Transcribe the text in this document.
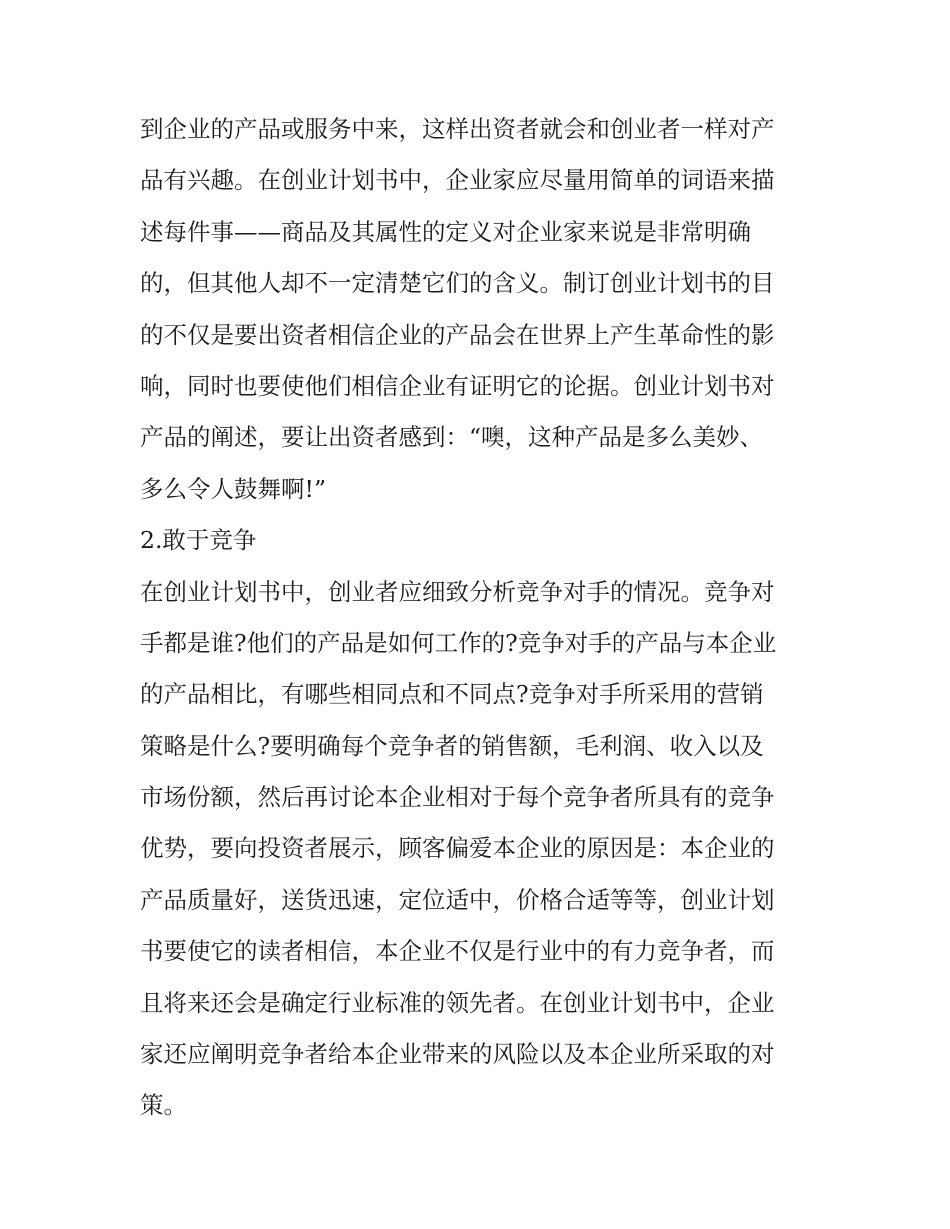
到企业的产品或服务中来，这样出资者就会和创业者一样对产
品有兴趣。在创业计划书中，企业家应尽量用简单的词语来描
述每件事——商品及其属性的定义对企业家来说是非常明确
的，但其他人却不一定清楚它们的含义。制订创业计划书的目
的不仅是要出资者相信企业的产品会在世界上产生革命性的影
响，同时也要使他们相信企业有证明它的论据。创业计划书对
产品的阐述，要让出资者感到：“噢，这种产品是多么美妙、
多么令人鼓舞啊!”
2.敢于竞争
在创业计划书中，创业者应细致分析竞争对手的情况。竞争对
手都是谁?他们的产品是如何工作的?竞争对手的产品与本企业
的产品相比，有哪些相同点和不同点?竞争对手所采用的营销
策略是什么?要明确每个竞争者的销售额，毛利润、收入以及
市场份额，然后再讨论本企业相对于每个竞争者所具有的竞争
优势，要向投资者展示，顾客偏爱本企业的原因是：本企业的
产品质量好，送货迅速，定位适中，价格合适等等，创业计划
书要使它的读者相信，本企业不仅是行业中的有力竞争者，而
且将来还会是确定行业标准的领先者。在创业计划书中，企业
家还应阐明竞争者给本企业带来的风险以及本企业所采取的对
策。
